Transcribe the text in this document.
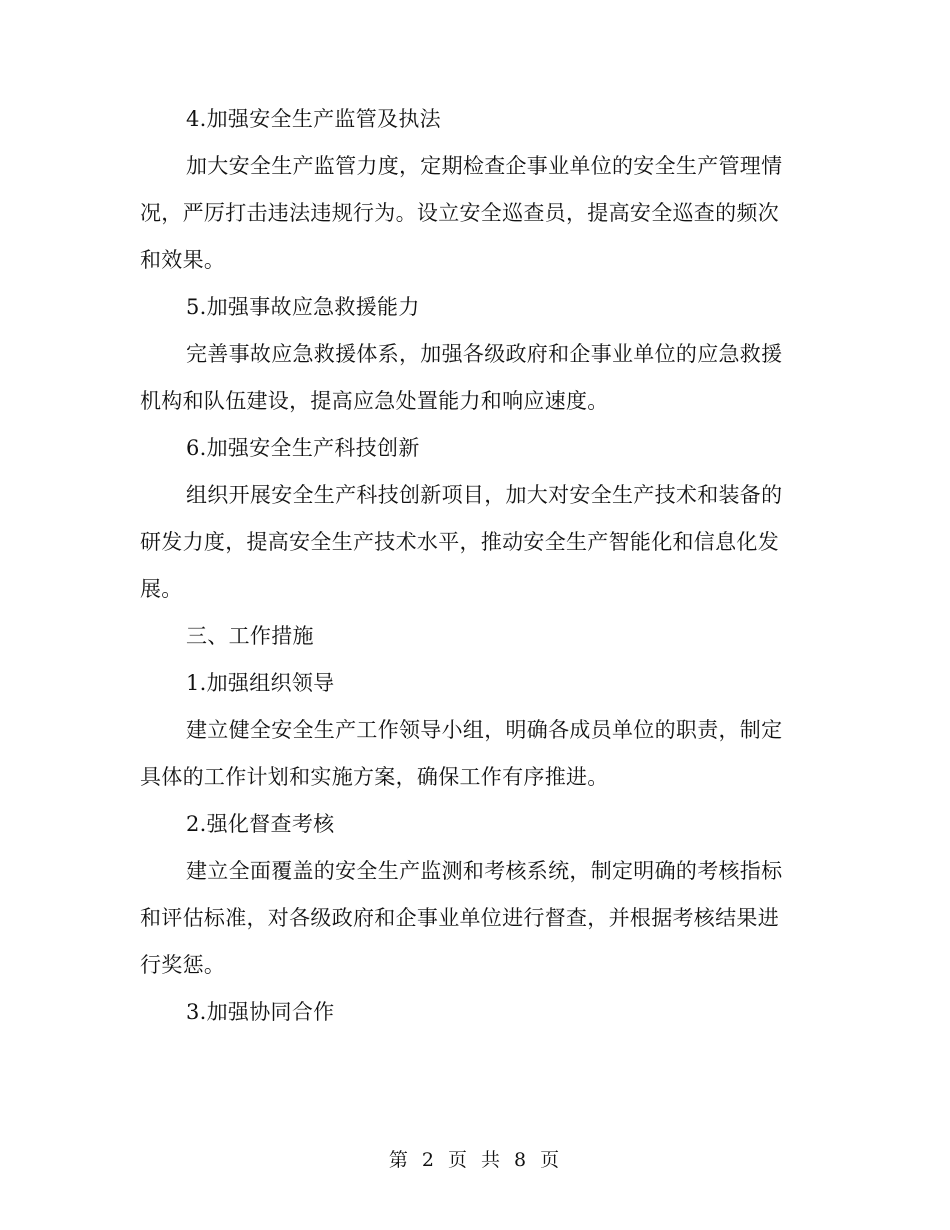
4.加强安全生产监管及执法
加大安全生产监管力度，定期检查企事业单位的安全生产管理情
况，严厉打击违法违规行为。设立安全巡查员，提高安全巡查的频次
和效果。
5.加强事故应急救援能力
完善事故应急救援体系，加强各级政府和企事业单位的应急救援
机构和队伍建设，提高应急处置能力和响应速度。
6.加强安全生产科技创新
组织开展安全生产科技创新项目，加大对安全生产技术和装备的
研发力度，提高安全生产技术水平，推动安全生产智能化和信息化发
展。
三、工作措施
1.加强组织领导
建立健全安全生产工作领导小组，明确各成员单位的职责，制定
具体的工作计划和实施方案，确保工作有序推进。
2.强化督查考核
建立全面覆盖的安全生产监测和考核系统，制定明确的考核指标
和评估标准，对各级政府和企事业单位进行督查，并根据考核结果进
行奖惩。
3.加强协同合作
第 2 页 共 8 页
